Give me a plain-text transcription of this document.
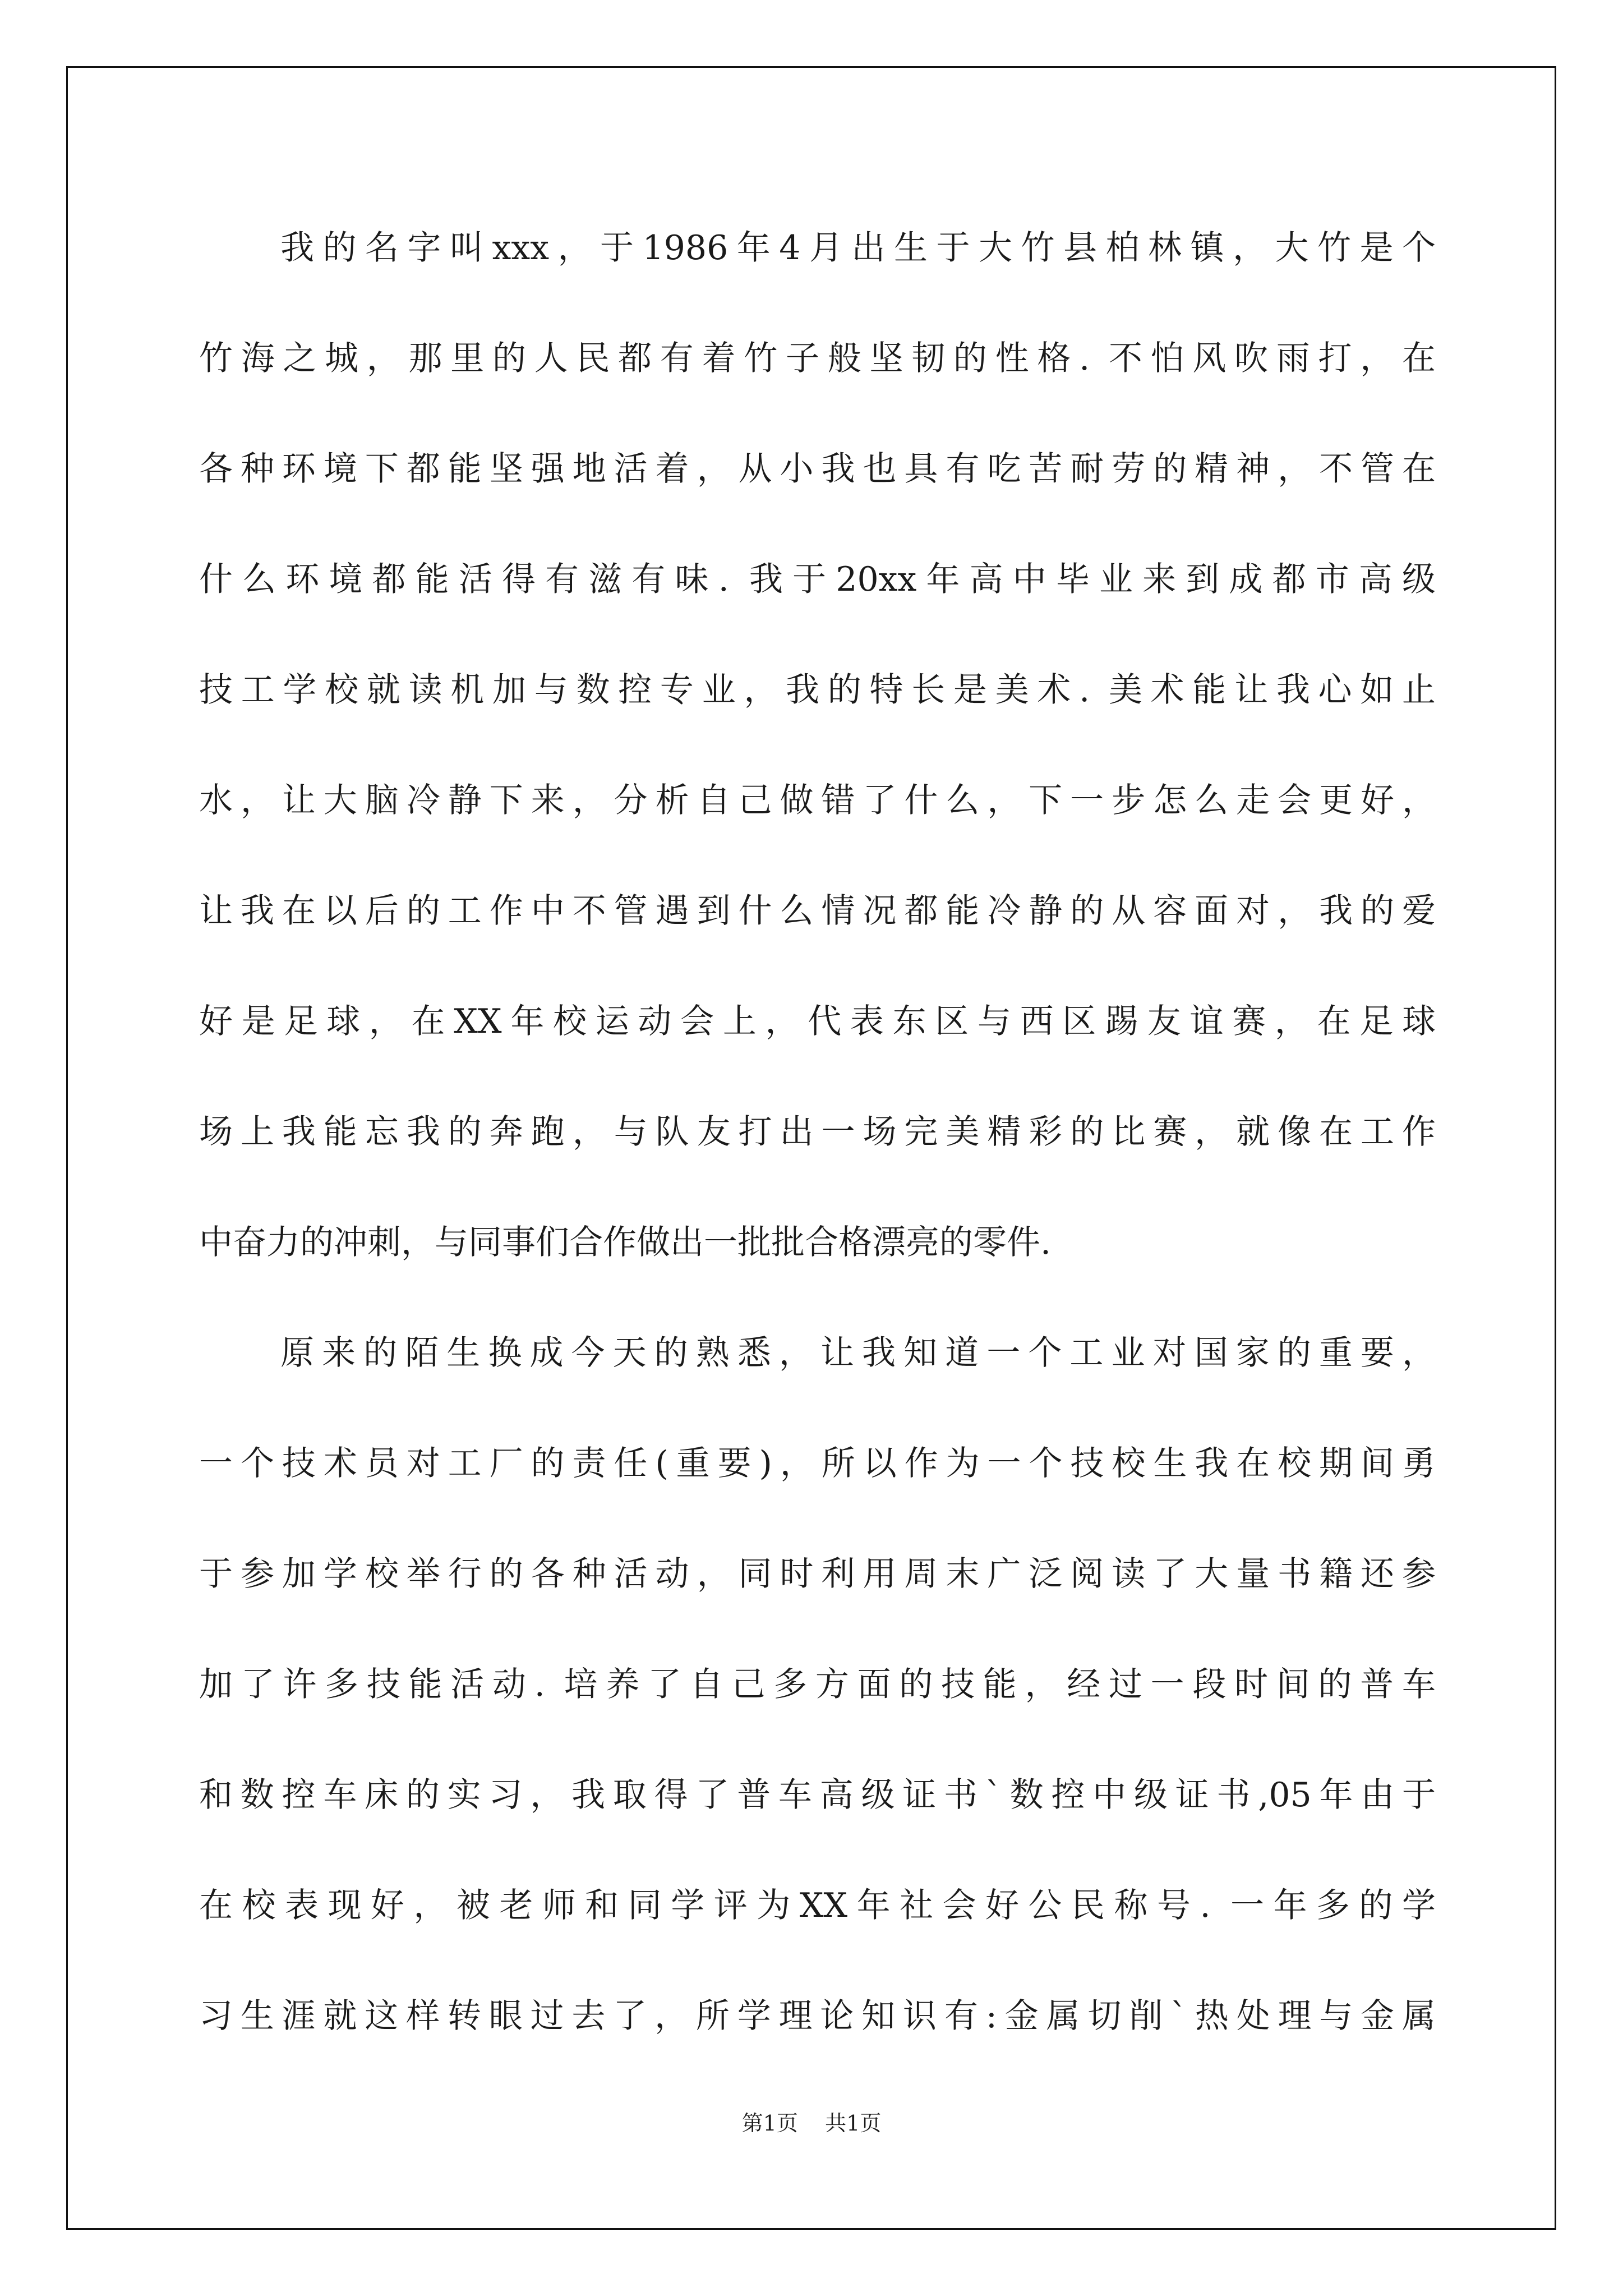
我的名字叫xxx，于1986年4月出生于大竹县柏林镇，大竹是个
竹海之城，那里的人民都有着竹子般坚韧的性格. 不怕风吹雨打，在
各种环境下都能坚强地活着，从小我也具有吃苦耐劳的精神，不管在
什么环境都能活得有滋有味. 我于20xx年高中毕业来到成都市高级
技工学校就读机加与数控专业，我的特长是美术. 美术能让我心如止
水，让大脑冷静下来，分析自己做错了什么，下一步怎么走会更好，
让我在以后的工作中不管遇到什么情况都能冷静的从容面对，我的爱
好是足球，在XX年校运动会上，代表东区与西区踢友谊赛，在足球
场上我能忘我的奔跑，与队友打出一场完美精彩的比赛，就像在工作
中奋力的冲刺，与同事们合作做出一批批合格漂亮的零件.
原来的陌生换成今天的熟悉，让我知道一个工业对国家的重要，
一个技术员对工厂的责任(重要)，所以作为一个技校生我在校期间勇
于参加学校举行的各种活动，同时利用周末广泛阅读了大量书籍还参
加了许多技能活动. 培养了自己多方面的技能，经过一段时间的普车
和数控车床的实习，我取得了普车高级证书`数控中级证书,05年由于
在校表现好，被老师和同学评为XX年社会好公民称号. 一年多的学
习生涯就这样转眼过去了，所学理论知识有:金属切削`热处理与金属
第1页    共1页
